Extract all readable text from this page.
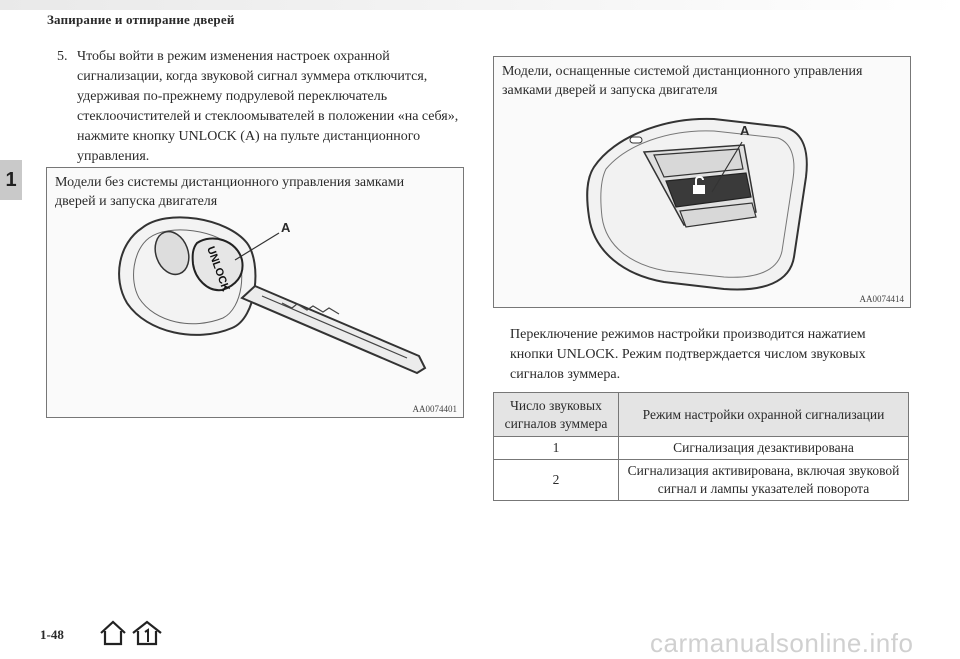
Запирание и отпирание дверей
1
5. Чтобы войти в режим изменения настроек охранной сигнализации, когда звуковой сигнал зуммера отключится, удерживая по-прежнему подрулевой переключатель стеклоочистителей и стеклоомывателей в положении «на себя», нажмите кнопку UNLOCK (A) на пульте дистанционного управления.
Модели без системы дистанционного управления замками дверей и запуска двигателя
UNLOCK
A
AA0074401
Модели, оснащенные системой дистанционного управления замками дверей и запуска двигателя
A
AA0074414
Переключение режимов настройки производится нажатием кнопки UNLOCK. Режим подтверждается числом звуковых сигналов зуммера.
Число звуковых сигналов зуммера	Режим настройки охранной сигнализации
1	Сигнализация дезактивирована
2	Сигнализация активирована, включая звуковой сигнал и лампы указателей поворота
1-48	carmanualsonline.info
